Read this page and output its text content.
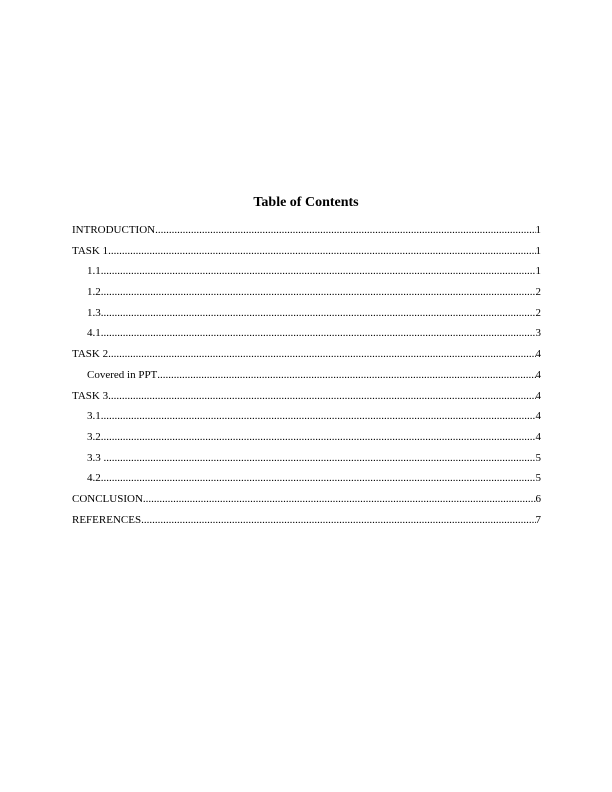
Table of Contents
INTRODUCTION .....	1
TASK 1 .....	1
1.1 .....	1
1.2 .....	2
1.3 .....	2
4.1 .....	3
TASK 2 .....	4
Covered in PPT .....	4
TASK 3 .....	4
3.1 .....	4
3.2 .....	4
3.3 .....	5
4.2 .....	5
CONCLUSION .....	6
REFERENCES .....	7
